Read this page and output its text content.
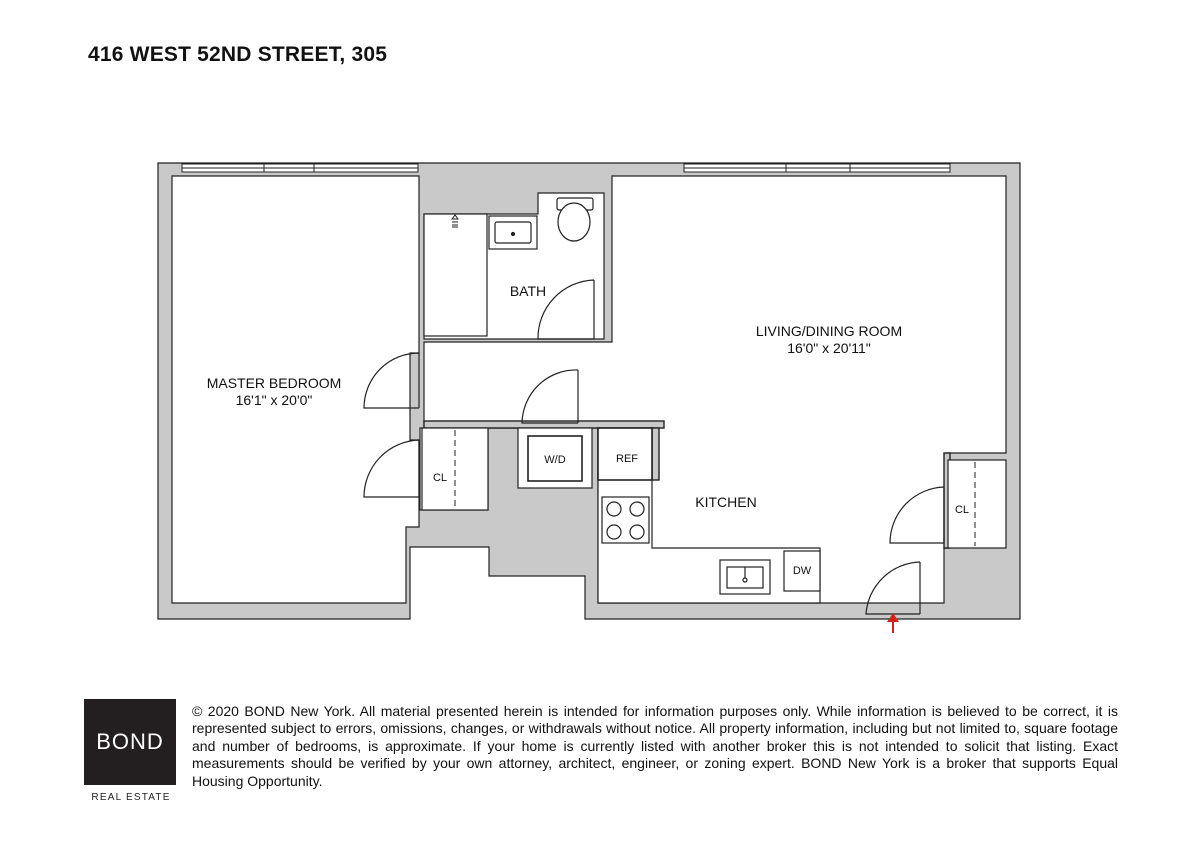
416 WEST 52ND STREET, 305
MASTER BEDROOM
16'1" x 20'0"
LIVING/DINING ROOM
16'0" x 20'11"
BATH
KITCHEN
CL
CL
W/D	REF
DW
BOND
REAL ESTATE
© 2020 BOND New York. All material presented herein is intended for information purposes only. While information is believed to be correct, it is represented subject to errors, omissions, changes, or withdrawals without notice. All property information, including but not limited to, square footage and number of bedrooms, is approximate. If your home is currently listed with another broker this is not intended to solicit that listing. Exact measurements should be verified by your own attorney, architect, engineer, or zoning expert. BOND New York is a broker that supports Equal Housing Opportunity.
